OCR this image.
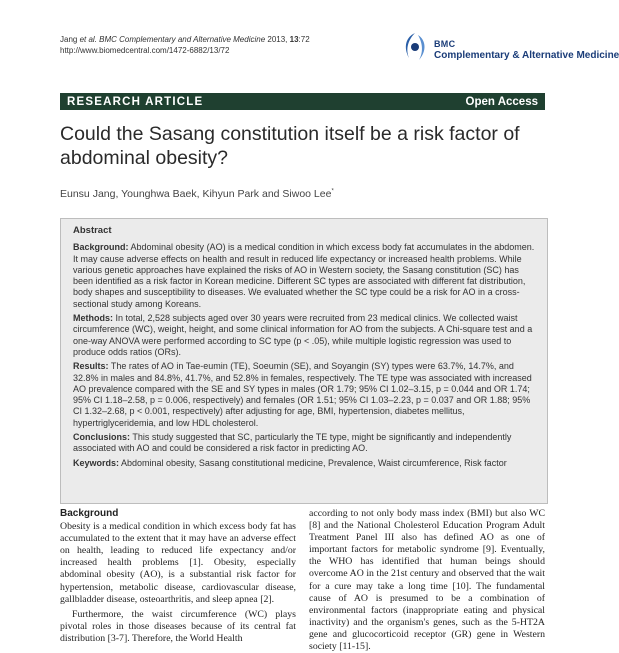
Jang et al. BMC Complementary and Alternative Medicine 2013, 13:72
http://www.biomedcentral.com/1472-6882/13/72
BMC
Complementary & Alternative Medicine
RESEARCH ARTICLE	Open Access
Could the Sasang constitution itself be a risk factor of abdominal obesity?
Eunsu Jang, Younghwa Baek, Kihyun Park and Siwoo Lee*
Abstract

Background: Abdominal obesity (AO) is a medical condition in which excess body fat accumulates in the abdomen. It may cause adverse effects on health and result in reduced life expectancy or increased health problems. While various genetic approaches have explained the risks of AO in Western society, the Sasang constitution (SC) has been identified as a risk factor in Korean medicine. Different SC types are associated with different fat distribution, body shapes and susceptibility to diseases. We evaluated whether the SC type could be a risk for AO in a cross-sectional study among Koreans.

Methods: In total, 2,528 subjects aged over 30 years were recruited from 23 medical clinics. We collected waist circumference (WC), weight, height, and some clinical information for AO from the subjects. A Chi-square test and a one-way ANOVA were performed according to SC type (p < .05), while multiple logistic regression was used to produce odds ratios (ORs).

Results: The rates of AO in Tae-eumin (TE), Soeumin (SE), and Soyangin (SY) types were 63.7%, 14.7%, and 32.8% in males and 84.8%, 41.7%, and 52.8% in females, respectively. The TE type was associated with increased AO prevalence compared with the SE and SY types in males (OR 1.79; 95% CI 1.02–3.15, p = 0.044 and OR 1.74; 95% CI 1.18–2.58, p = 0.006, respectively) and females (OR 1.51; 95% CI 1.03–2.23, p = 0.037 and OR 1.88; 95% CI 1.32–2.68, p < 0.001, respectively) after adjusting for age, BMI, hypertension, diabetes mellitus, hypertriglyceridemia, and low HDL cholesterol.

Conclusions: This study suggested that SC, particularly the TE type, might be significantly and independently associated with AO and could be considered a risk factor in predicting AO.

Keywords: Abdominal obesity, Sasang constitutional medicine, Prevalence, Waist circumference, Risk factor

Background

Obesity is a medical condition in which excess body fat has accumulated to the extent that it may have an adverse effect on health, leading to reduced life expectancy and/or increased health problems [1]. Obesity, especially abdominal obesity (AO), is a substantial risk factor for hypertension, metabolic disease, cardiovascular disease, gallbladder disease, osteoarthritis, and sleep apnea [2].

Furthermore, the waist circumference (WC) plays pivotal roles in those diseases because of its central fat distribution [3-7]. Therefore, the World Health

according to not only body mass index (BMI) but also WC [8] and the National Cholesterol Education Program Adult Treatment Panel III also has defined AO as one of important factors for metabolic syndrome [9]. Eventually, the WHO has identified that human beings should overcome AO in the 21st century and observed that the wait for a cure may take a long time [10]. The fundamental cause of AO is presumed to be a combination of environmental factors (inappropriate eating and physical inactivity) and the organism's genes, such as the 5-HT2A gene and glucocorticoid receptor (GR) gene in Western society [11-15].
